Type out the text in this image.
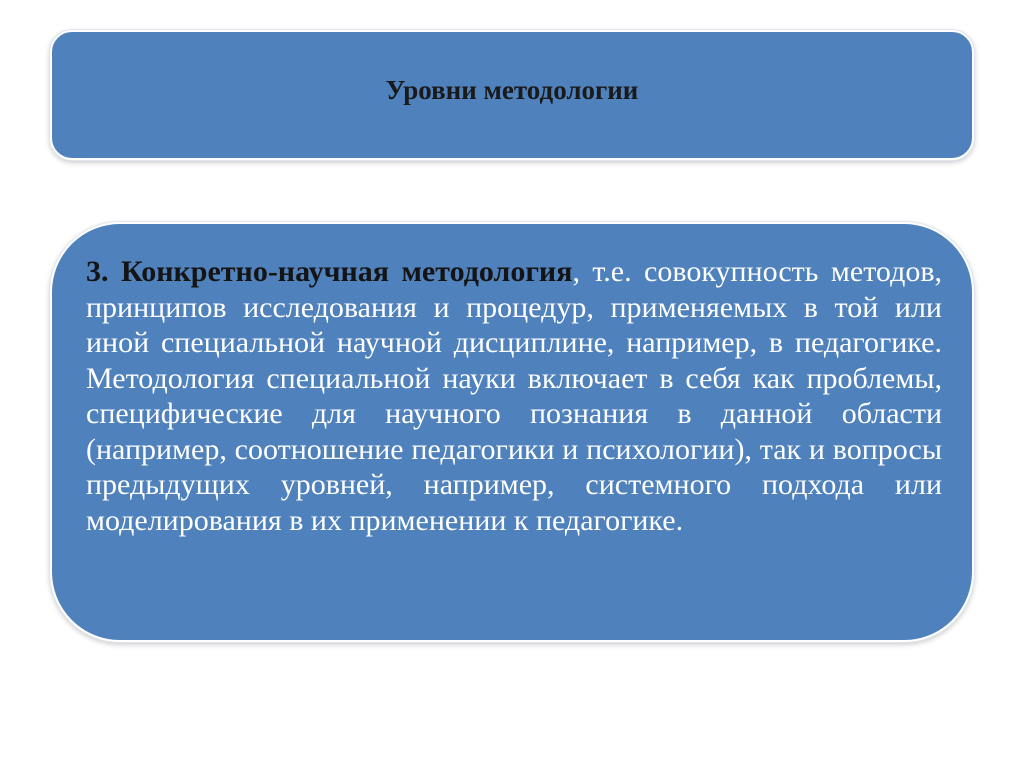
Уровни методологии

3. Конкретно-научная методология, т.е. совокупность методов, принципов исследования и процедур, применяемых в той или иной специальной научной дисциплине, например, в педагогике. Методология специальной науки включает в себя как проблемы, специфические для научного познания в данной области (например, соотношение педагогики и психологии), так и вопросы предыдущих уровней, например, системного подхода или моделирования в их применении к педагогике.
